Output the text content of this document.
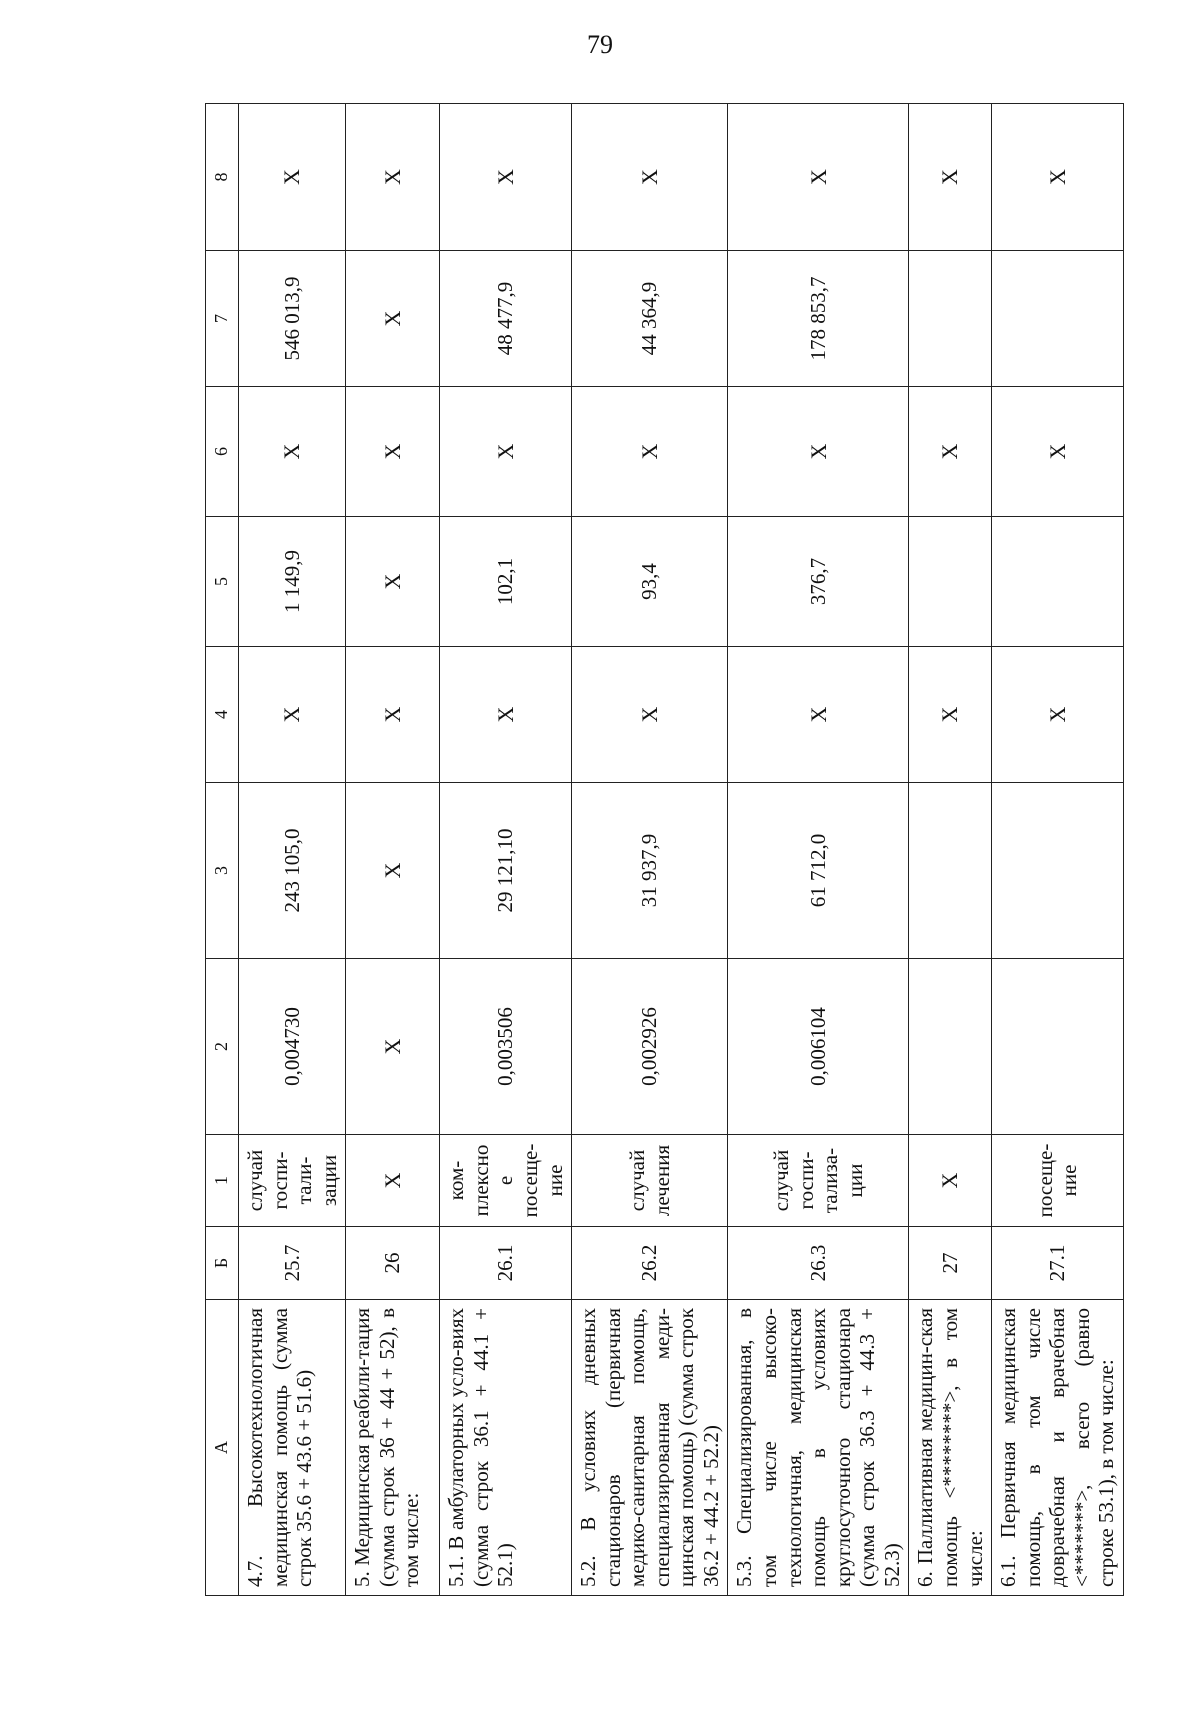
79
А	Б	1	2	3	4	5	6	7	8
4.7. Высокотехнологичная медицинская помощь (сумма строк 35.6 + 43.6 + 51.6)	25.7	случай госпи-тали-зации	0,004730	243 105,0	Х	1 149,9	Х	546 013,9	Х
5. Медицинская реабили-тация (сумма строк 36 + 44 + 52), в том числе:	26	Х	Х	Х	Х	Х	Х	Х	Х
5.1. В амбулаторных усло-виях (сумма строк 36.1 + 44.1 + 52.1)	26.1	ком-плексное посеще-ние	0,003506	29 121,10	Х	102,1	Х	48 477,9	Х
5.2. В условиях дневных стационаров (первичная медико-санитарная помощь, специализированная меди-цинская помощь) (сумма строк 36.2 + 44.2 + 52.2)	26.2	случай лечения	0,002926	31 937,9	Х	93,4	Х	44 364,9	Х
5.3. Специализированная, в том числе высоко-технологичная, медицинская помощь в условиях круглосуточного стационара (сумма строк 36.3 + 44.3 + 52.3)	26.3	случай госпи-тализа-ции	0,006104	61 712,0	Х	376,7	Х	178 853,7	Х
6. Паллиативная медицин-ская помощь <********>, в том числе:	27	Х			Х		Х		Х
6.1. Первичная медицинская помощь, в том числе доврачебная и врачебная <*******>, всего (равно строке 53.1), в том числе:	27.1	посеще-ние			Х		Х		Х
